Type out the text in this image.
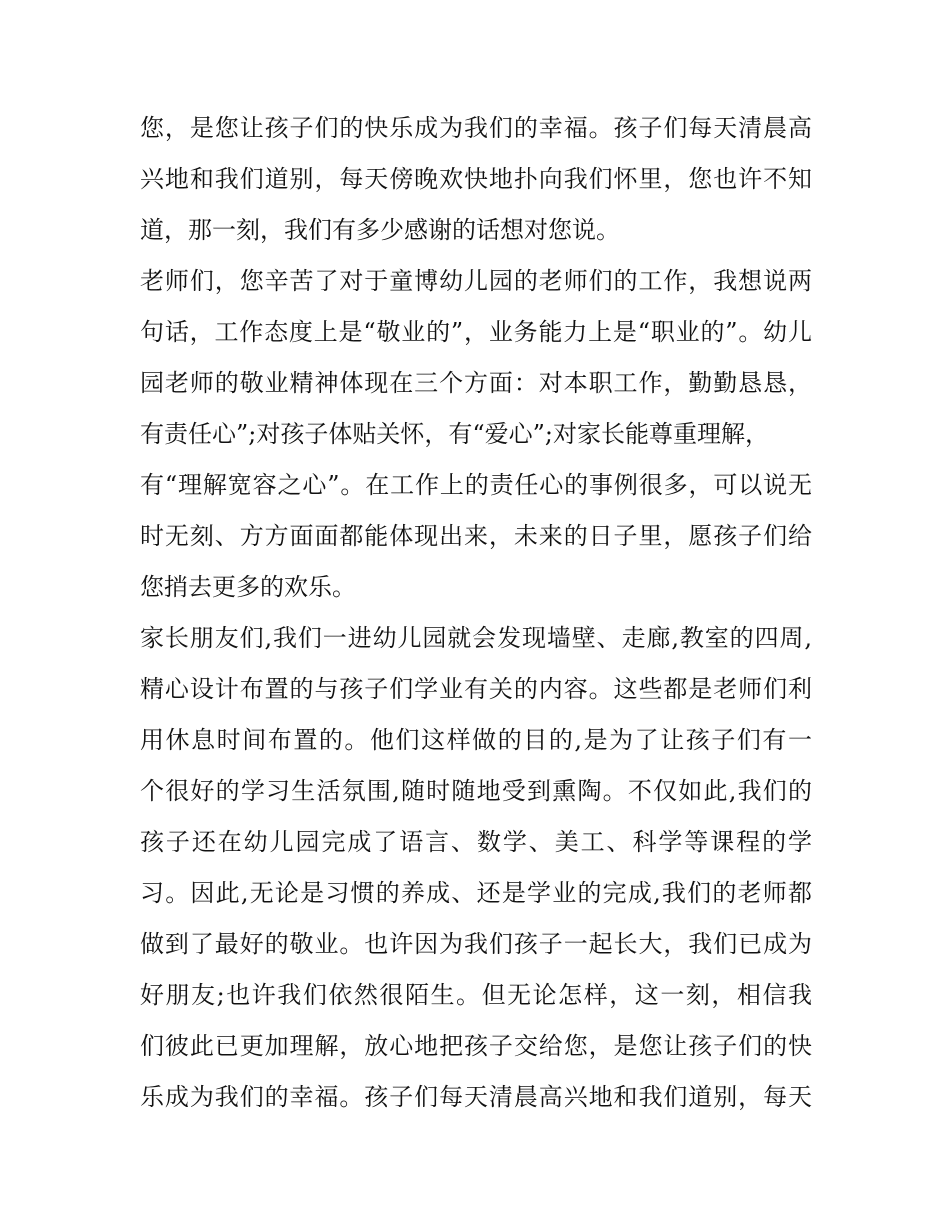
您，是您让孩子们的快乐成为我们的幸福。孩子们每天清晨高
兴地和我们道别，每天傍晚欢快地扑向我们怀里，您也许不知
道，那一刻，我们有多少感谢的话想对您说。
老师们，您辛苦了对于童博幼儿园的老师们的工作，我想说两
句话，工作态度上是“敬业的”，业务能力上是“职业的”。幼儿
园老师的敬业精神体现在三个方面：对本职工作，勤勤恳恳，
有责任心”;对孩子体贴关怀，有“爱心”;对家长能尊重理解，
有“理解宽容之心”。在工作上的责任心的事例很多，可以说无
时无刻、方方面面都能体现出来，未来的日子里，愿孩子们给
您捎去更多的欢乐。
家长朋友们,我们一进幼儿园就会发现墙壁、走廊,教室的四周,
精心设计布置的与孩子们学业有关的内容。这些都是老师们利
用休息时间布置的。他们这样做的目的,是为了让孩子们有一
个很好的学习生活氛围,随时随地受到熏陶。不仅如此,我们的
孩子还在幼儿园完成了语言、数学、美工、科学等课程的学
习。因此,无论是习惯的养成、还是学业的完成,我们的老师都
做到了最好的敬业。也许因为我们孩子一起长大，我们已成为
好朋友;也许我们依然很陌生。但无论怎样，这一刻，相信我
们彼此已更加理解，放心地把孩子交给您，是您让孩子们的快
乐成为我们的幸福。孩子们每天清晨高兴地和我们道别，每天
